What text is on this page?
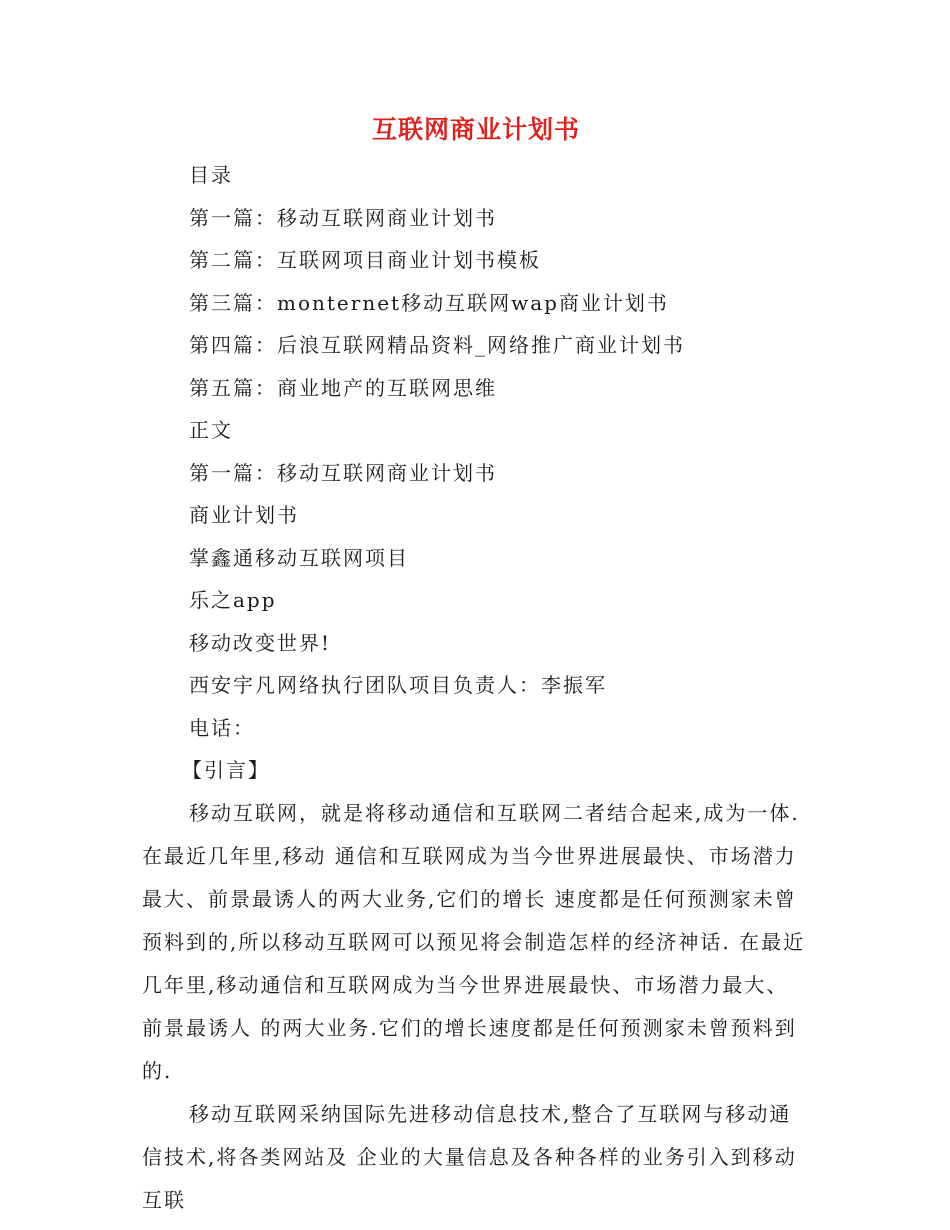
互联网商业计划书
目录
第一篇：移动互联网商业计划书
第二篇：互联网项目商业计划书模板
第三篇：monternet移动互联网wap商业计划书
第四篇：后浪互联网精品资料_网络推广商业计划书
第五篇：商业地产的互联网思维
正文
第一篇：移动互联网商业计划书
商业计划书
掌鑫通移动互联网项目
乐之app
移动改变世界!
西安宇凡网络执行团队项目负责人：李振军
电话：
【引言】

移动互联网，就是将移动通信和互联网二者结合起来,成为一体.在最近几年里,移动 通信和互联网成为当今世界进展最快、市场潜力最大、前景最诱人的两大业务,它们的增长 速度都是任何预测家未曾预料到的,所以移动互联网可以预见将会制造怎样的经济神话. 在最近几年里,移动通信和互联网成为当今世界进展最快、市场潜力最大、前景最诱人 的两大业务.它们的增长速度都是任何预测家未曾预料到的.

移动互联网采纳国际先进移动信息技术,整合了互联网与移动通信技术,将各类网站及 企业的大量信息及各种各样的业务引入到移动互联
